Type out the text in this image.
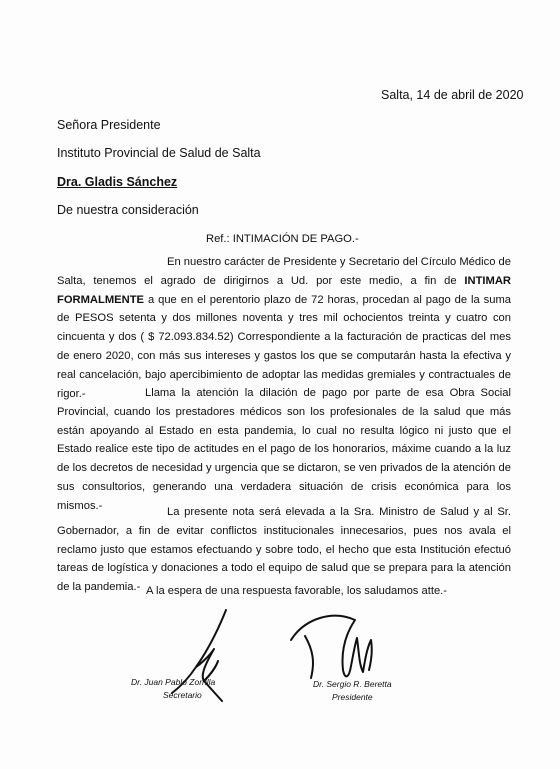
Salta, 14 de abril de 2020
Señora Presidente
Instituto Provincial de Salud de Salta
Dra. Gladis Sánchez
De nuestra consideración
Ref.: INTIMACIÓN DE PAGO.-
En nuestro carácter de Presidente y Secretario del Círculo Médico de Salta, tenemos el agrado de dirigirnos a Ud. por este medio, a fin de INTIMAR FORMALMENTE a que en el perentorio plazo de 72 horas, procedan al pago de la suma de PESOS setenta y dos millones noventa y tres mil ochocientos treinta y cuatro con cincuenta y dos ( $ 72.093.834.52) Correspondiente a la facturación de practicas del mes de enero 2020, con más sus intereses y gastos los que se computarán hasta la efectiva y real cancelación, bajo apercibimiento de adoptar las medidas gremiales y contractuales de rigor.-	Llama la atención la dilación de pago por parte de esa Obra Social Provincial, cuando los prestadores médicos son los profesionales de la salud que más están apoyando al Estado en esta pandemia, lo cual no resulta lógico ni justo que el Estado realice este tipo de actitudes en el pago de los honorarios, máxime cuando a la luz de los decretos de necesidad y urgencia que se dictaron, se ven privados de la atención de sus consultorios, generando una verdadera situación de crisis económica para los mismos.-
La presente nota será elevada a la Sra. Ministro de Salud y al Sr. Gobernador, a fin de evitar conflictos institucionales innecesarios, pues nos avala el reclamo justo que estamos efectuando y sobre todo, el hecho que esta Institución efectuó tareas de logística y donaciones a todo el equipo de salud que se prepara para la atención de la pandemia.- A la espera de una respuesta favorable, los saludamos atte.-
Dr. Juan Pablo Zorrilla
Secretario
Dr. Sergio R. Beretta
Presidente
